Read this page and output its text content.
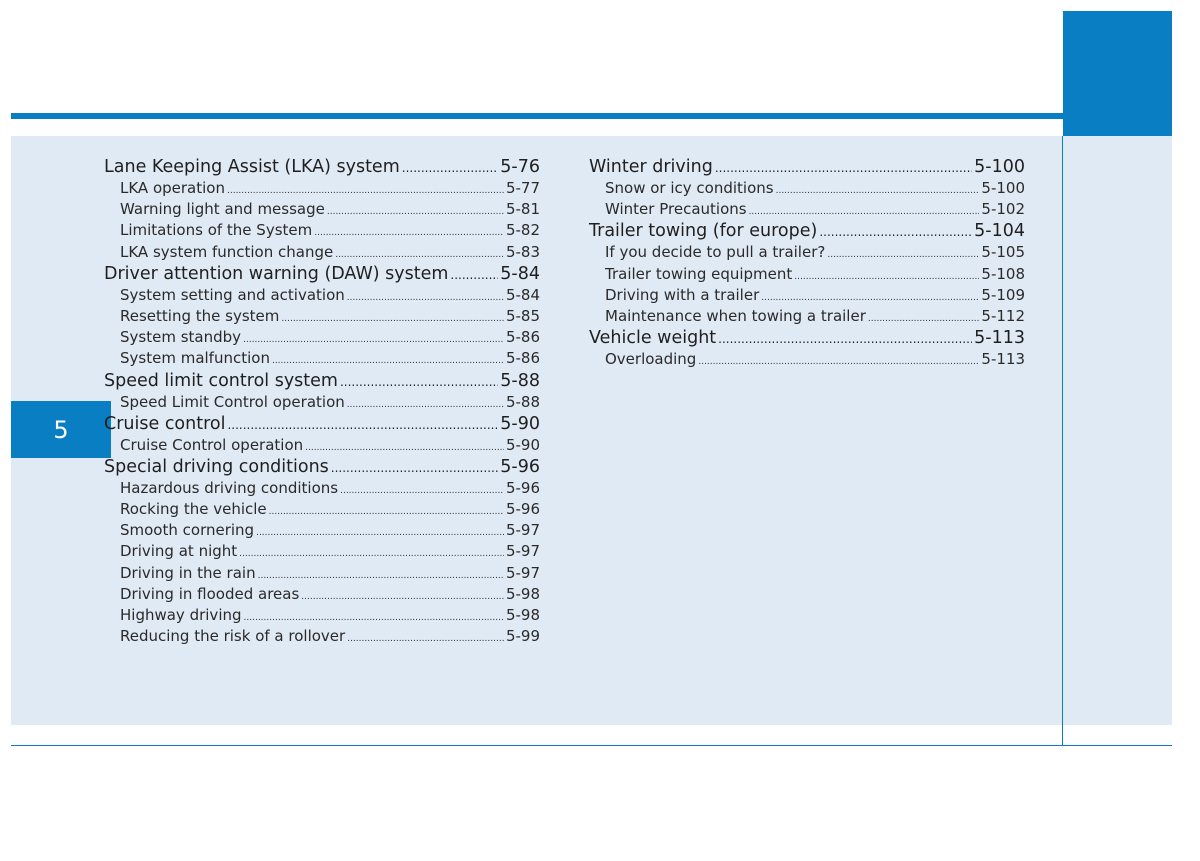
5
Lane Keeping Assist (LKA) system .....	5-76
LKA operation .....	5-77
Warning light and message .....	5-81
Limitations of the System .....	5-82
LKA system function change .....	5-83
Driver attention warning (DAW) system .....	5-84
System setting and activation .....	5-84
Resetting the system .....	5-85
System standby .....	5-86
System malfunction .....	5-86
Speed limit control system .....	5-88
Speed Limit Control operation .....	5-88
Cruise control .....	5-90
Cruise Control operation .....	5-90
Special driving conditions .....	5-96
Hazardous driving conditions .....	5-96
Rocking the vehicle .....	5-96
Smooth cornering .....	5-97
Driving at night .....	5-97
Driving in the rain .....	5-97
Driving in flooded areas .....	5-98
Highway driving .....	5-98
Reducing the risk of a rollover .....	5-99
Winter driving .....	5-100
Snow or icy conditions .....	5-100
Winter Precautions .....	5-102
Trailer towing (for europe) .....	5-104
If you decide to pull a trailer? .....	5-105
Trailer towing equipment .....	5-108
Driving with a trailer .....	5-109
Maintenance when towing a trailer .....	5-112
Vehicle weight .....	5-113
Overloading .....	5-113
